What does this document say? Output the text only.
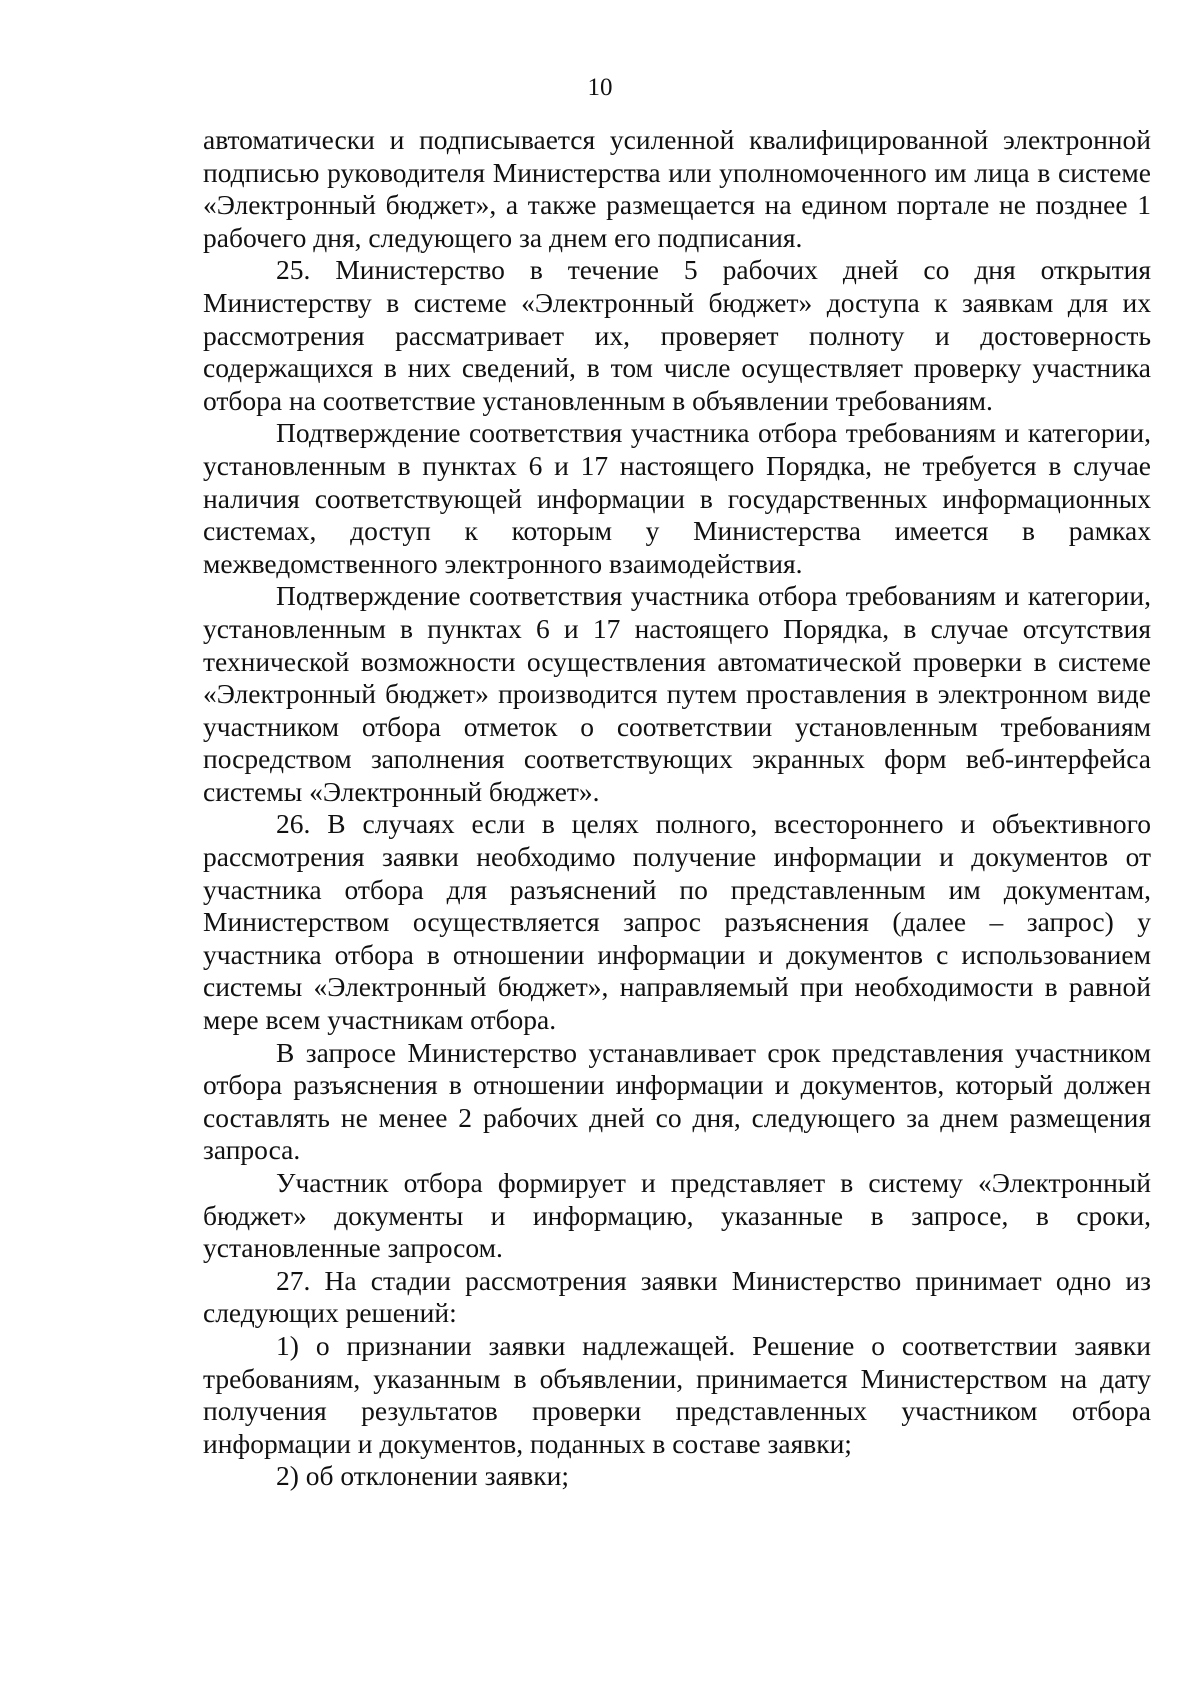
10

автоматически и подписывается усиленной квалифицированной электронной подписью руководителя Министерства или уполномоченного им лица в системе «Электронный бюджет», а также размещается на едином портале не позднее 1 рабочего дня, следующего за днем его подписания.

25. Министерство в течение 5 рабочих дней со дня открытия Министерству в системе «Электронный бюджет» доступа к заявкам для их рассмотрения рассматривает их, проверяет полноту и достоверность содержащихся в них сведений, в том числе осуществляет проверку участника отбора на соответствие установленным в объявлении требованиям.

Подтверждение соответствия участника отбора требованиям и категории, установленным в пунктах 6 и 17 настоящего Порядка, не требуется в случае наличия соответствующей информации в государственных информационных системах, доступ к которым у Министерства имеется в рамках межведомственного электронного взаимодействия.

Подтверждение соответствия участника отбора требованиям и категории, установленным в пунктах 6 и 17 настоящего Порядка, в случае отсутствия технической возможности осуществления автоматической проверки в системе «Электронный бюджет» производится путем проставления в электронном виде участником отбора отметок о соответствии установленным требованиям посредством заполнения соответствующих экранных форм веб-интерфейса системы «Электронный бюджет».

26. В случаях если в целях полного, всестороннего и объективного рассмотрения заявки необходимо получение информации и документов от участника отбора для разъяснений по представленным им документам, Министерством осуществляется запрос разъяснения (далее – запрос) у участника отбора в отношении информации и документов с использованием системы «Электронный бюджет», направляемый при необходимости в равной мере всем участникам отбора.

В запросе Министерство устанавливает срок представления участником отбора разъяснения в отношении информации и документов, который должен составлять не менее 2 рабочих дней со дня, следующего за днем размещения запроса.

Участник отбора формирует и представляет в систему «Электронный бюджет» документы и информацию, указанные в запросе, в сроки, установленные запросом.

27. На стадии рассмотрения заявки Министерство принимает одно из следующих решений:

1) о признании заявки надлежащей. Решение о соответствии заявки требованиям, указанным в объявлении, принимается Министерством на дату получения результатов проверки представленных участником отбора информации и документов, поданных в составе заявки;

2) об отклонении заявки;
